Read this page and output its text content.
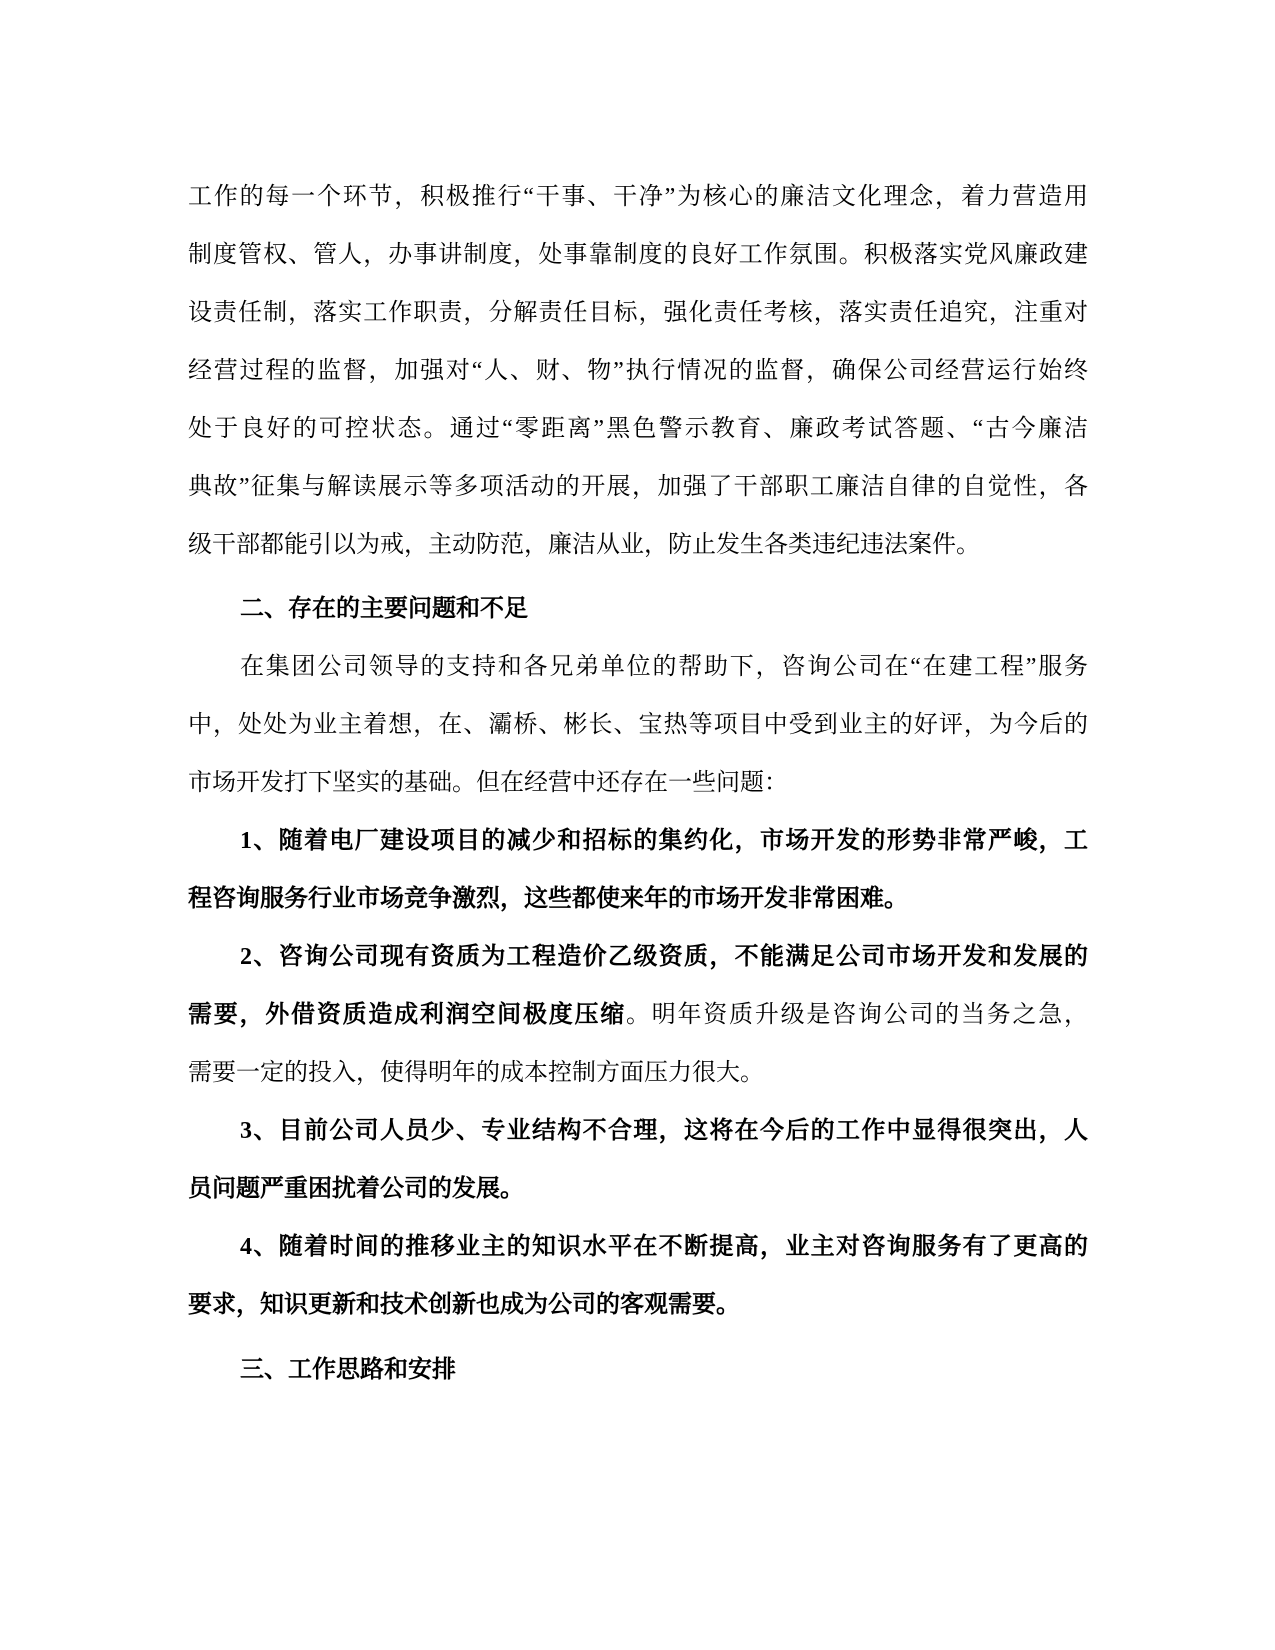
工作的每一个环节，积极推行“干事、干净”为核心的廉洁文化理念，着力营造用
制度管权、管人，办事讲制度，处事靠制度的良好工作氛围。积极落实党风廉政建
设责任制，落实工作职责，分解责任目标，强化责任考核，落实责任追究，注重对
经营过程的监督，加强对“人、财、物”执行情况的监督，确保公司经营运行始终
处于良好的可控状态。通过“零距离”黑色警示教育、廉政考试答题、“古今廉洁
典故”征集与解读展示等多项活动的开展，加强了干部职工廉洁自律的自觉性，各
级干部都能引以为戒，主动防范，廉洁从业，防止发生各类违纪违法案件。
二、存在的主要问题和不足
在集团公司领导的支持和各兄弟单位的帮助下，咨询公司在“在建工程”服务
中，处处为业主着想，在、灞桥、彬长、宝热等项目中受到业主的好评，为今后的
市场开发打下坚实的基础。但在经营中还存在一些问题：
1、随着电厂建设项目的减少和招标的集约化，市场开发的形势非常严峻，工
程咨询服务行业市场竞争激烈，这些都使来年的市场开发非常困难。
2、咨询公司现有资质为工程造价乙级资质，不能满足公司市场开发和发展的
需要，外借资质造成利润空间极度压缩。明年资质升级是咨询公司的当务之急，
需要一定的投入，使得明年的成本控制方面压力很大。
3、目前公司人员少、专业结构不合理，这将在今后的工作中显得很突出，人
员问题严重困扰着公司的发展。
4、随着时间的推移业主的知识水平在不断提高，业主对咨询服务有了更高的
要求，知识更新和技术创新也成为公司的客观需要。
三、工作思路和安排
